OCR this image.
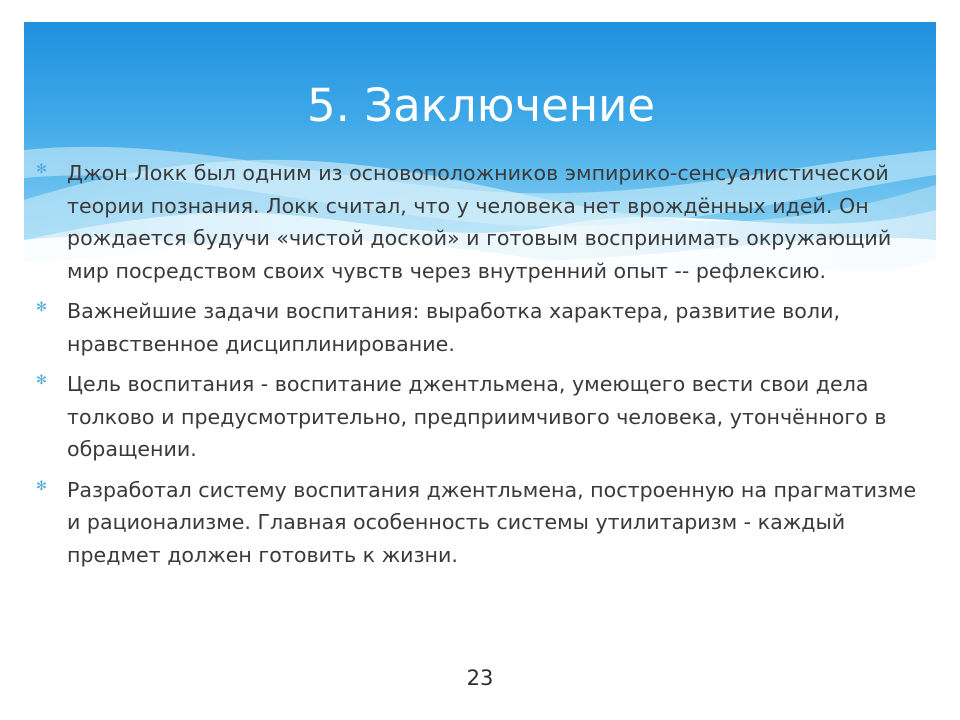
5. Заключение
✻ Джон Локк был одним из основоположников эмпирико-сенсуалистической теории познания. Локк считал, что у человека нет врождённых идей. Он рождается будучи «чистой доской» и готовым воспринимать окружающий мир посредством своих чувств через внутренний опыт -- рефлексию.
✻ Важнейшие задачи воспитания: выработка характера, развитие воли, нравственное дисциплинирование.
✻ Цель воспитания - воспитание джентльмена, умеющего вести свои дела толково и предусмотрительно, предприимчивого человека, утончённого в обращении.
✻ Разработал систему воспитания джентльмена, построенную на прагматизме и рационализме. Главная особенность системы утилитаризм - каждый предмет должен готовить к жизни.
23
